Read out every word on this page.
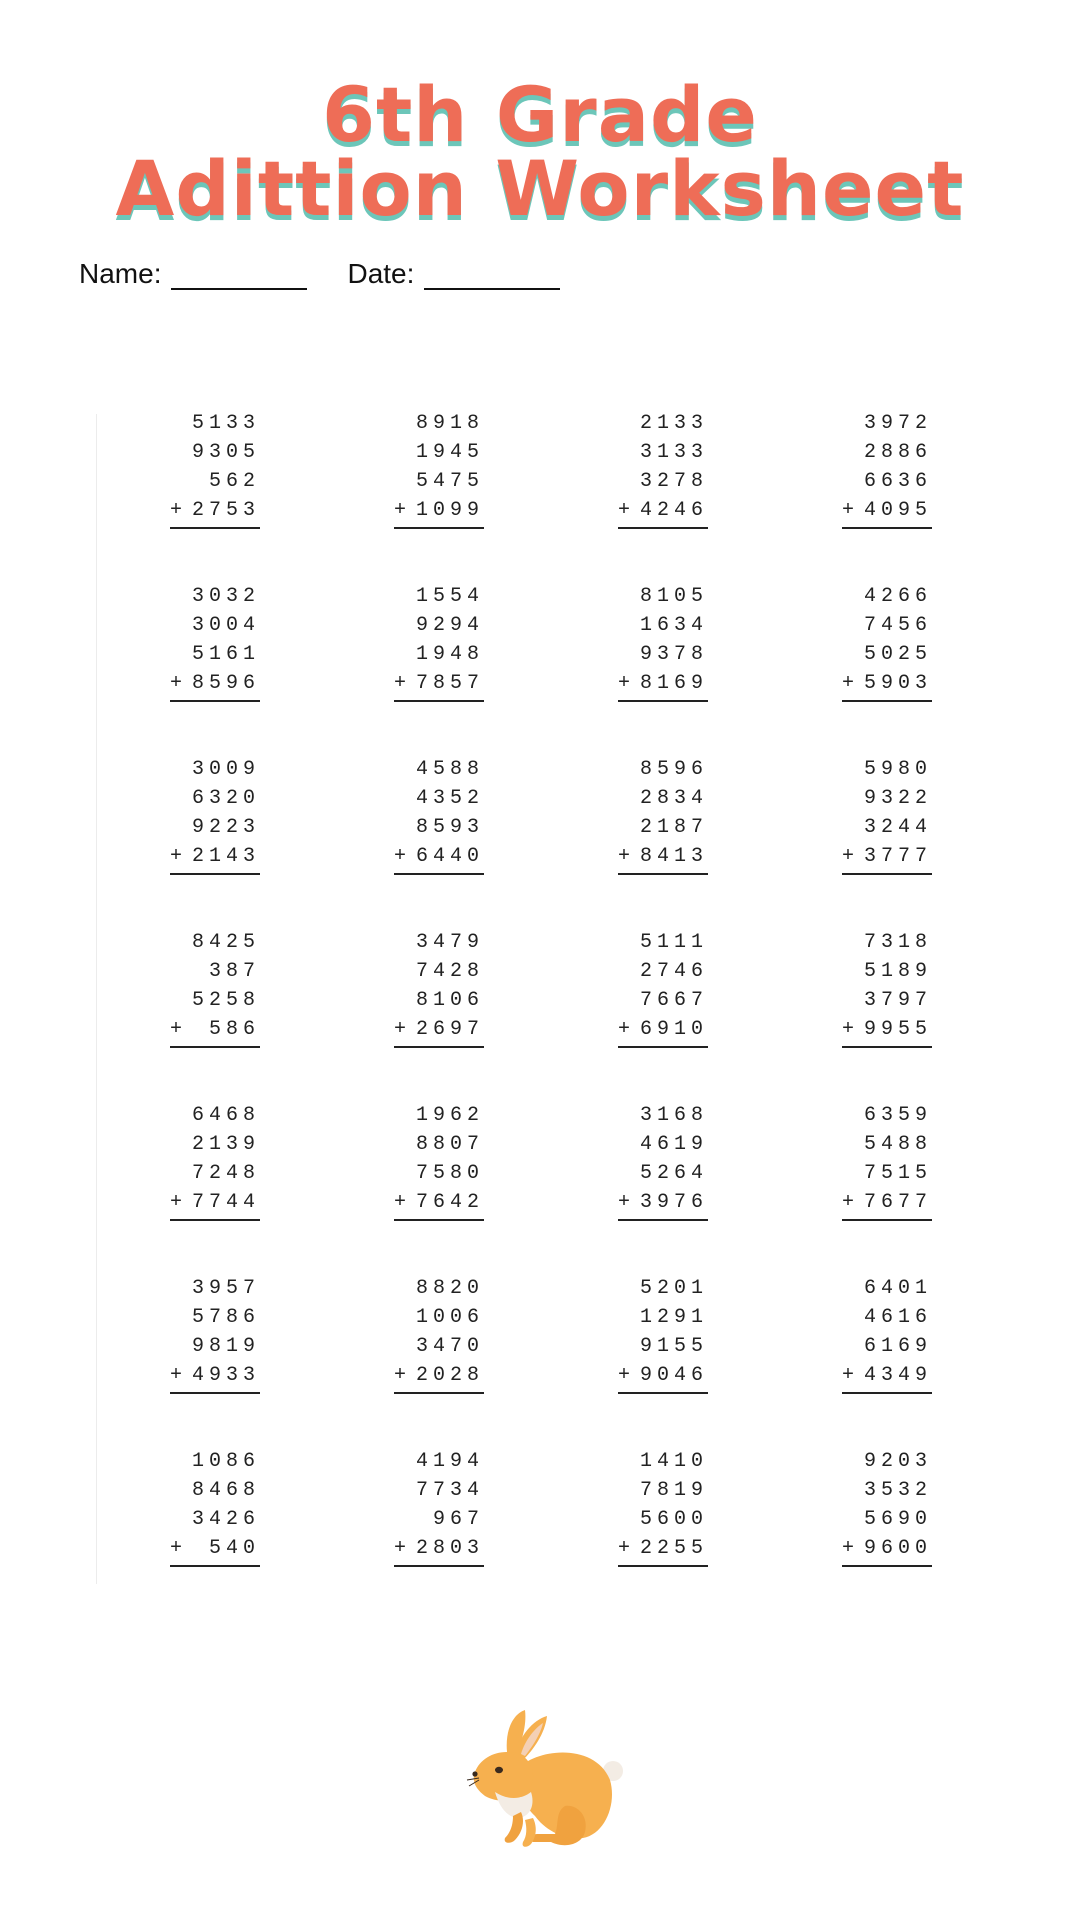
6th Grade
Adittion Worksheet
Name:	Date:
5133
9305
562
+ 2753
8918
1945
5475
+ 1099
2133
3133
3278
+ 4246
3972
2886
6636
+ 4095
3032
3004
5161
+ 8596
1554
9294
1948
+ 7857
8105
1634
9378
+ 8169
4266
7456
5025
+ 5903
3009
6320
9223
+ 2143
4588
4352
8593
+ 6440
8596
2834
2187
+ 8413
5980
9322
3244
+ 3777
8425
387
5258
+ 586
3479
7428
8106
+ 2697
5111
2746
7667
+ 6910
7318
5189
3797
+ 9955
6468
2139
7248
+ 7744
1962
8807
7580
+ 7642
3168
4619
5264
+ 3976
6359
5488
7515
+ 7677
3957
5786
9819
+ 4933
8820
1006
3470
+ 2028
5201
1291
9155
+ 9046
6401
4616
6169
+ 4349
1086
8468
3426
+ 540
4194
7734
967
+ 2803
1410
7819
5600
+ 2255
9203
3532
5690
+ 9600
